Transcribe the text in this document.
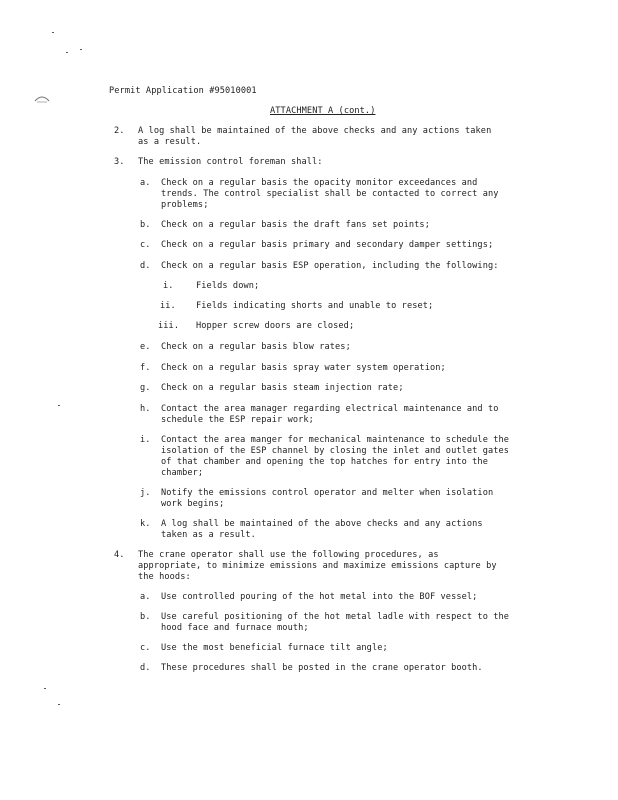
Permit Application #95010001
ATTACHMENT A (cont.)
2. A log shall be maintained of the above checks and any actions taken
as a result.
3. The emission control foreman shall:
a. Check on a regular basis the opacity monitor exceedances and
trends. The control specialist shall be contacted to correct any
problems;
b. Check on a regular basis the draft fans set points;
c. Check on a regular basis primary and secondary damper settings;
d. Check on a regular basis ESP operation, including the following:
i.	Fields down;
ii. Fields indicating shorts and unable to reset;
iii. Hopper screw doors are closed;
e. Check on a regular basis blow rates;
f. Check on a regular basis spray water system operation;
g. Check on a regular basis steam injection rate;
h. Contact the area manager regarding electrical maintenance and to
schedule the ESP repair work;
i. Contact the area manger for mechanical maintenance to schedule the
isolation of the ESP channel by closing the inlet and outlet gates
of that chamber and opening the top hatches for entry into the
chamber;
j. Notify the emissions control operator and melter when isolation
work begins;
k. A log shall be maintained of the above checks and any actions
taken as a result.
4. The crane operator shall use the following procedures, as
appropriate, to minimize emissions and maximize emissions capture by
the hoods:
a. Use controlled pouring of the hot metal into the BOF vessel;
b. Use careful positioning of the hot metal ladle with respect to the
hood face and furnace mouth;
c. Use the most beneficial furnace tilt angle;
d. These procedures shall be posted in the crane operator booth.
